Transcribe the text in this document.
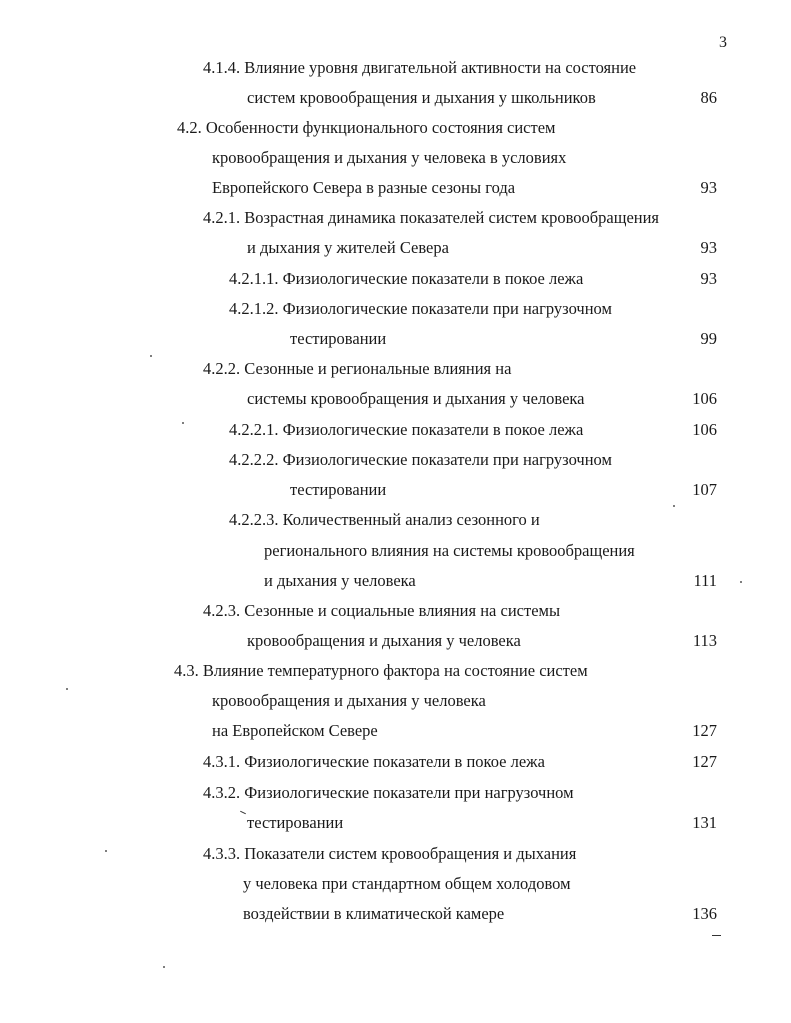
3
4.1.4. Влияние уровня двигательной активности на состояние
систем кровообращения и дыхания у школьников	86
4.2. Особенности функционального состояния систем
кровообращения и дыхания у человека в условиях
Европейского Севера в разные сезоны года	93
4.2.1. Возрастная динамика показателей систем кровообращения
и дыхания у жителей Севера	93
4.2.1.1. Физиологические показатели в покое лежа	93
4.2.1.2. Физиологические показатели при нагрузочном
тестировании	99
4.2.2. Сезонные и региональные влияния на
системы кровообращения и дыхания у человека	106
4.2.2.1. Физиологические показатели в покое лежа	106
4.2.2.2. Физиологические показатели при нагрузочном
тестировании	107
4.2.2.3. Количественный анализ сезонного и
регионального влияния на системы кровообращения
и дыхания у человека	111
4.2.3. Сезонные и социальные влияния на системы
кровообращения и дыхания у человека	113
4.3. Влияние температурного фактора на состояние систем
кровообращения и дыхания у человека
на Европейском Севере	127
4.3.1. Физиологические показатели в покое лежа	127
4.3.2. Физиологические показатели при нагрузочном
тестировании	131
4.3.3. Показатели систем кровообращения и дыхания
у человека при стандартном общем холодовом
воздействии в климатической камере	136
